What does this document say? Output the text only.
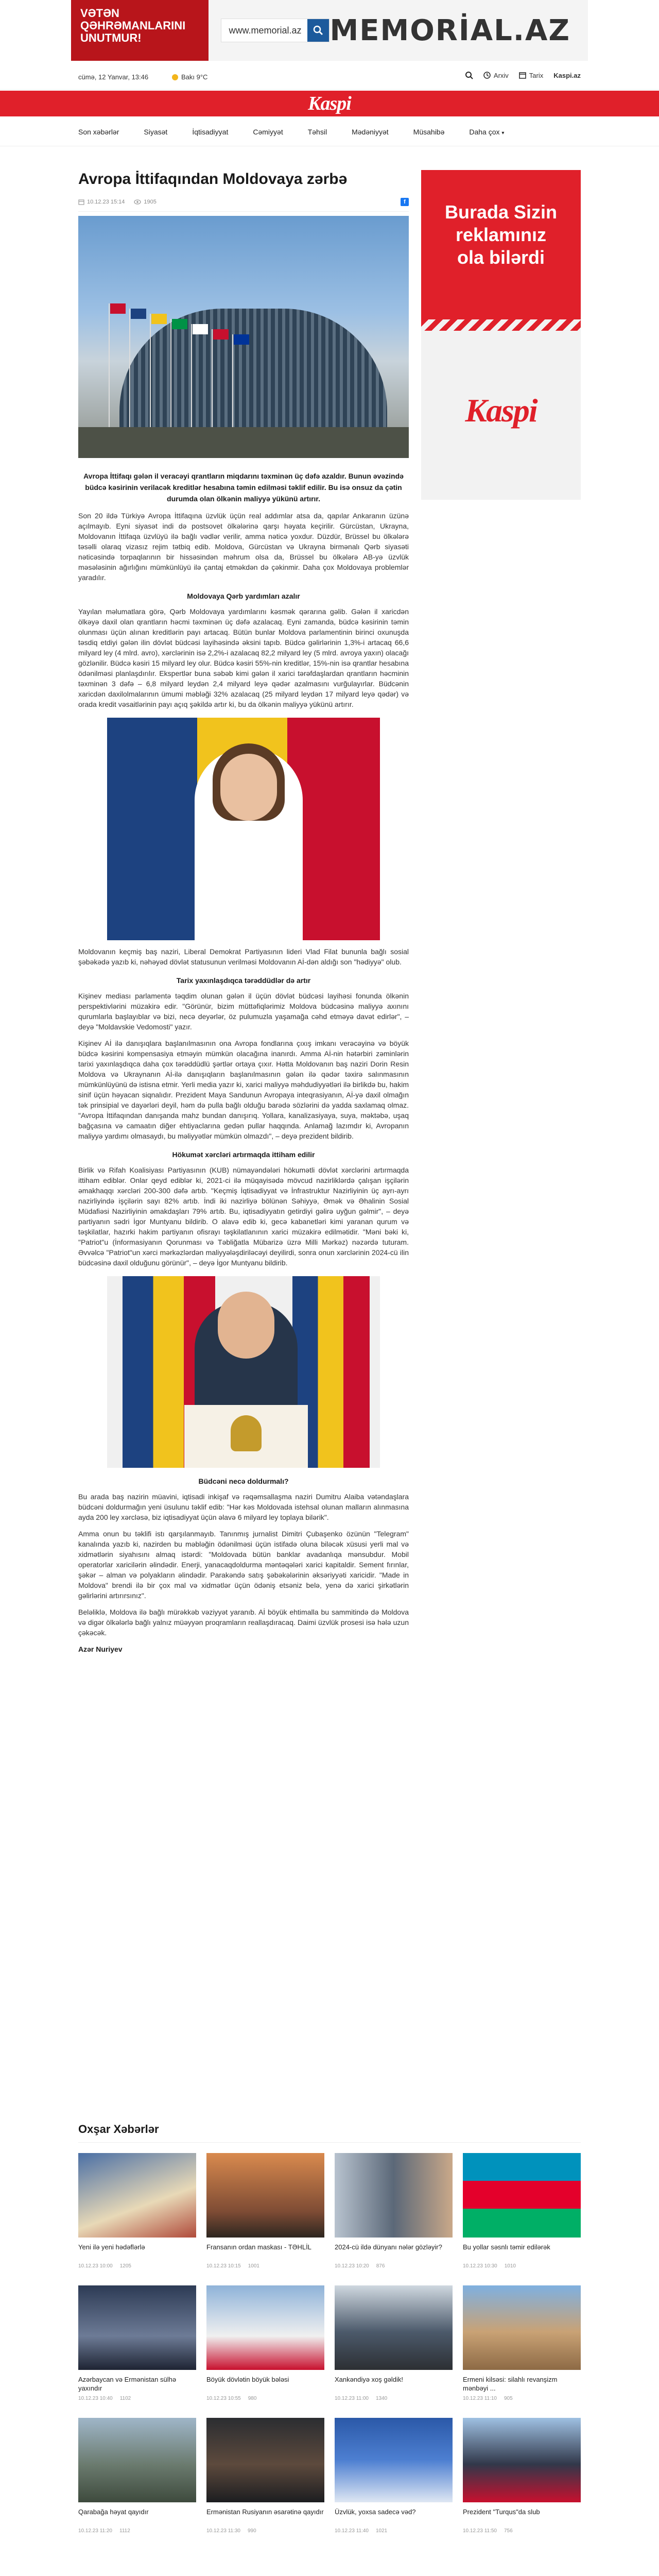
VƏTƏN
QƏHRƏMANLARINI
UNUTMUR!
www.memorial.az MEMORİAL.AZ
cümə, 12 Yanvar, 13:46	Bakı 9°C	Arxiv	Tarix Kaspi.az
Kaspi
Son xəbərlər	Siyasət	İqtisadiyyat	Cəmiyyət	Təhsil	Mədəniyyət	Müsahibə	Daha çox ▾
Avropa İttifaqından Moldovaya zərbə
10.12.23 15:14	1905	f

Avropa İttifaqı gələn il veracəyi qrantların miqdarını təxminən üç dəfə azaldır. Bunun əvəzində büdcə kəsirinin verilacək kreditlər hesabına təmin edilməsi təklif edilir. Bu isə onsuz da çətin durumda olan ölkənin maliyyə yükünü artırır.

Son 20 ildə Türkiyə Avropa İttifaqına üzvlük üçün real addımlar atsa da, qapılar Ankaranın üzünə açılmayıb. Eyni siyasət indi də postsovet ölkələrinə qarşı həyata keçirilir. Gürcüstan, Ukrayna, Moldovanın İttifaqa üzvlüyü ilə bağlı vədlər verilir, ammа nəticə yoxdur. Düzdür, Brüssel bu ölkələrə təsəlli olaraq vizasız rejim tətbiq edib. Moldova, Gürcüstan və Ukrayna birmənalı Qərb siyasəti nəticəsində torpaqlarının bir hissəsindən məhrum olsa da, Brüssel bu ölkələrə AB-yə üzvlük məsələsinin ağırlığını mümkünlüyü ilə çantaj etməkdən də çəkinmir. Daha çox Moldovaya problemlər yaradılır.

Moldovaya Qərb yardımları azalır

Yayılan məlumatlara görə, Qərb Moldovaya yardımlarını kəsmək qərarına gəlib. Gələn il xaricdən ölkəyə daxil olan qrantların həcmi təxminən üç dəfə azalacaq. Eyni zamanda, büdcə kəsirinin təmin olunması üçün alınan kreditlərin payı artacaq. Bütün bunlar Moldova parlamentinin birinci oxunuşda təsdiq etdiyi gələn ilin dövlət büdcəsi layihəsində əksini tapıb. Büdcə gəlirlərinin 1,3%-i artacaq 66,6 milyard ley (4 mlrd. avro), xərclərinin isə 2,2%-i azalacaq 82,2 milyard ley (5 mlrd. avroya yaxın) olacağı gözlənilir. Büdcə kəsiri 15 milyard ley olur. Büdcə kəsiri 55%-nin kreditlər, 15%-nin isə qrantlar hesabına ödənilməsi planlaşdırılır. Ekspertlər buna səbəb kimi gələn il xarici tərəfdaşlardan qrantların həcminin təxminən 3 dəfə – 6,8 milyard leydən 2,4 milyard leyə qədər azalmasını vurğulayırlar. Büdcənin xaricdən daxilolmalarının ümumi məbləği 32% azalacaq (25 milyard leydən 17 milyard leyə qədər) və orada kredit vəsaitlərinin payı açıq şəkildə artır ki, bu da ölkənin maliyyə yükünü artırır.

Moldovanın keçmiş baş naziri, Liberal Demokrat Partiyasının lideri Vlad Filat bununla bağlı sosial şəbəkədə yazıb ki, nəhəyəd dövlət statusunun verilməsi Moldovanın Aİ-dən aldığı son "hədiyyə" olub.

Tarix yaxınlaşdıqca tərəddüdlər də artır

Kişinev mediası parlamentə təqdim olunan gələn il üçün dövlət büdcəsi layihəsi fonunda ölkənin perspektivlərini müzakirə edir. "Görünür, bizim müttəfiqlərimiz Moldova büdcəsinə maliyyə axınını qurumlarla başlayıblar və bizi, necə deyərlər, öz pulumuzla yaşamağa cəhd etməyə davət edirlər", – deyə "Moldavskie Vedomosti" yazır.

Kişinev Aİ ilə danışıqlara başlanılmasının ona Avropa fondlarına çıxış imkanı verəcəyinə və böyük büdcə kəsirini kompensasiya etməyin mümkün olacağına inanırdı. Amma Aİ-nin hətərbiri zəminlərin tarixi yaxınlaşdıqca daha çox tərəddüdlü şərtlər ortaya çıxır. Hətta Moldovanın baş naziri Dorin Resin Moldova və Ukraynanın Aİ-ilə danışıqların başlanılmasının gələn ilə qədər təxirə salınmasının mümkünlüyünü də istisna etmir. Yerli media yazır ki, xarici maliyyə məhdudiyyətləri ilə birlikdə bu, hakim sinif üçün həyacan siqnalıdır. Prezident Maya Sandunun Avropaya inteqrasiyanın, Aİ-yə daxil olmağın tək prinsipial ve dayərləri deyil, həm də pulla bağlı olduğu barədə sözlərini də yadda saxlamaq olmaz. "Avropa İttifaqından danışanda mahz bundan danışırıq. Yollara, kanalizasiyaya, suya, məktəbə, uşaq bağçasına və camaatın diğer ehtiyaclarına gedən pullar haqqında. Anlamağ lazımdır ki, Avropanın maliyyə yardımı olmasaydı, bu məliyyətlər mümkün olmazdı", – deyə prezident bildirib.

Hökumət xərcləri artırmaqda ittiham edilir

Birlik və Rifah Koalisiyası Partiyasının (KUB) nümayəndələri hökumətli dövlət xərclərini artırmaqda ittiham ediblər. Onlar qeyd ediblər ki, 2021-ci ilə müqayisədə mövcud nazirliklərdə çalışan işçilərin əmakhaqqı xərcləri 200-300 dəfə artıb. "Keçmiş İqtisadiyyat və İnfrastruktur Nazirliyinin üç ayrı-ayrı nazirliyində işçilərin sayı 82% artıb. İndi iki nazirliyə bölünən Səhiyyə, Əmək və Əhalinin Sosial Müdafiəsi Nazirliyinin əmakdaşları 79% artıb. Bu, iqtisadiyyatın getirdiyi gəlirə uyğun gəlmir", – deyə partiyanın sədri İgor Muntyanu bildirib. O alavə edib ki, gecə kabanetləri kimi yaranan qurum və təşkilatlar, hazırki hakim partiyanın ofisrayı təşkilatlanının xarici müzakirə edilmətidir. "Məni bəki ki, "Patriot"u (İnformasiyanın Qorunması və Təbliğatla Mübarizə üzrə Milli Mərkəz) nəzərdə tuturam. Əvvəlcə "Patriot"un xərci mərkəzlərdən maliyyələşdiriləcəyi deyilirdi, sonra onun xərclərinin 2024-cü ilin büdcəsinə daxil olduğunu görünür", – deyə İgor Muntyanu bildirib.

Büdcəni necə doldurmalı?

Bu arada baş nazirin müavini, iqtisadi inkişaf və rəqəmsallaşma naziri Dumitru Alaiba vətəndaşlara büdcəni doldurmağın yeni üsulunu təklif edib: "Hər kəs Moldovada istehsal olunan malların alınmasına ayda 200 ley xərcləsə, biz iqtisadiyyat üçün əlavə 6 milyard ley toplaya bilərik".

Amma onun bu təklifi istı qarşılanmayıb. Tanınmış jurnalist Dimitri Çubaşenko özünün "Telegram" kanalında yazıb ki, nazirden bu məbləğin ödənilməsi üçün istifadə oluna biləcək xüsusi yerli mal və xidmətlərin siyahısını almaq istərdi: "Moldovada bütün banklar avadanlıqa mənsubdur. Mobil operatorlar xaricilərin əlindədir. Enerji, yanacaqdoldurma məntəqələri xarici kapitaldir. Sement fırınlar, şəkər – alman və polyakların əlindədir. Parakəndə satış şəbəkələrinin əksəriyyəti xaricidir. "Made in Moldova" brendi ilə bir çox mal və xidmətlər üçün ödəniş etsəniz belə, yenə də xarici şirkətlərin gəlirlərini artırırsınız".

Beləliklə, Moldova ilə bağlı mürəkkəb vəziyyət yaranıb. Aİ böyük ehtimalla bu sammitində də Moldova və digər ölkələrlə bağlı yalnız müəyyən proqramların reallaşdıracaq. Daimi üzvlük prosesi isə hələ uzun çəkəcək.

Azər Nuriyev

Burada Sizin
reklamınız
ola bilərdi
Kaspi
Oxşar Xəbərlər
Yeni ilə yeni hədəflərlə
10.12.23 10:00 1205
Fransanın ordan maskası - TƏHLİL
10.12.23 10:15 1001
2024-cü ildə dünyanı nələr gözləyir?
10.12.23 10:20 876
Bu yollar səsnlı təmir edilərək
10.12.23 10:30 1010
Azərbaycan və Ermənistan sülhə yaxındır
10.12.23 10:40 1102
Böyük dövlətin böyük bələsi
10.12.23 10:55 980
Xankəndiyə xoş gəldik!
10.12.23 11:00 1340
Ermeni kilsəsi: silahlı revanşizm mənbəyi ...
10.12.23 11:10 905
Qarabağa həyat qayıdır
10.12.23 11:20 1112
Ermənistan Rusiyanın əsarətinə qayıdır
10.12.23 11:30 990
Üzvlük, yoxsa sadecə vəd?
10.12.23 11:40 1021
Prezident "Turqus"da slub
10.12.23 11:50 756
